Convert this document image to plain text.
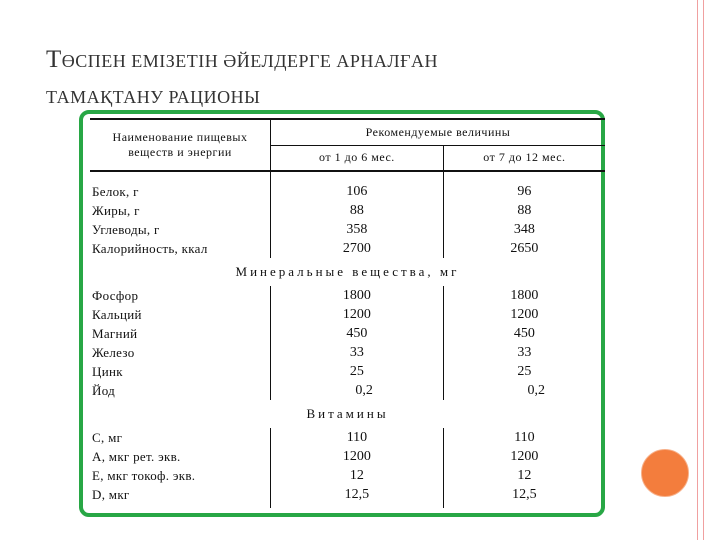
ТӨСПЕН ЕМІЗЕТІН ӘЙЕЛДЕРГЕ АРНАЛҒАН
ТАМАҚТАНУ РАЦИОНЫ
Наименование пищевых веществ и энергии	Рекомендуемые величины	
	от 1 до 6 мес.	от 7 до 12 мес.

Белок, г	106	96
Жиры, г	88	88
Углеводы, г	358	348
Калорийность, ккал	2700	2650
Минеральные вещества, мг		
Фосфор	1800	1800
Кальций	1200	1200
Магний	450	450
Железо	33	33
Цинк	25	25
Йод	0,2	0,2
Витамины		
С, мг	110	110
А, мкг рет. экв.	1200	1200
Е, мкг токоф. экв.	12	12
D, мкг	12,5	12,5
